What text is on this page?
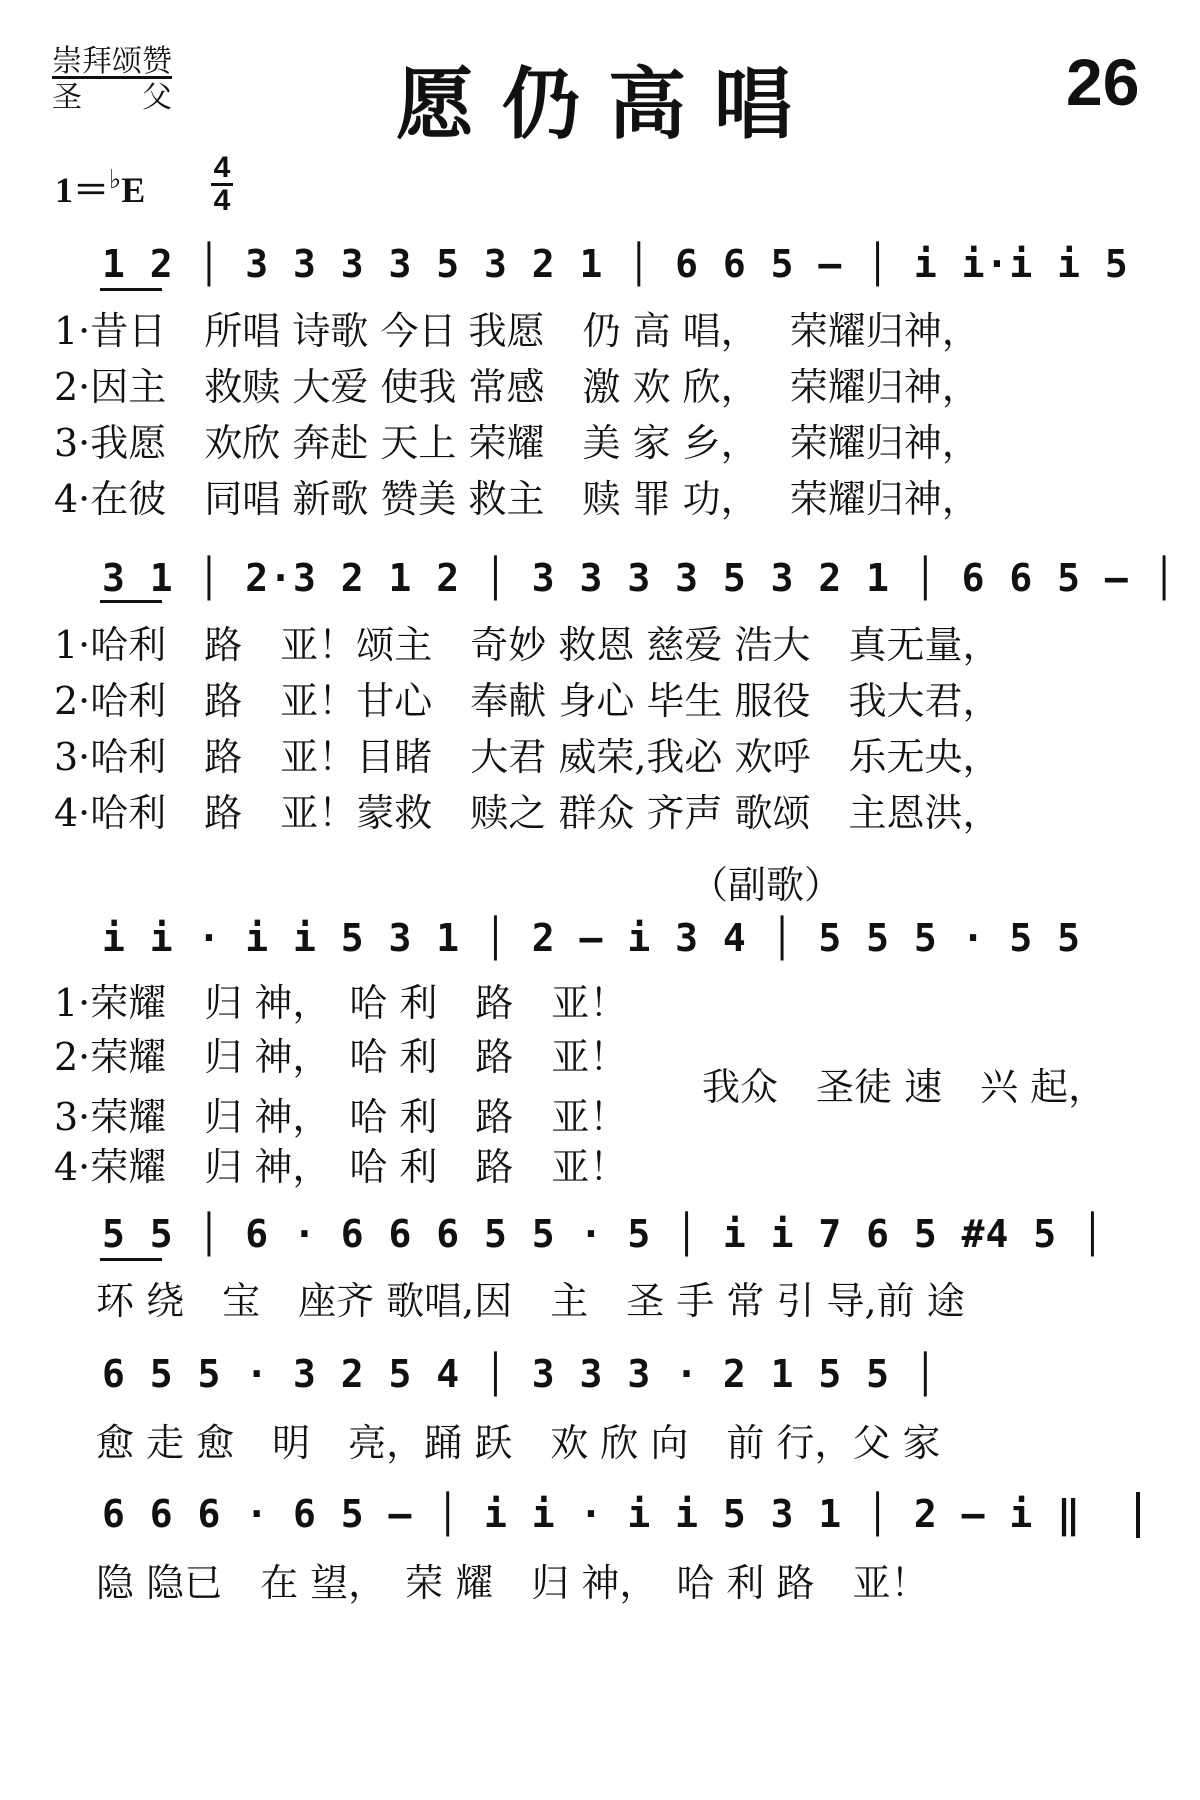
崇拜颂赞
圣　　父	愿仍高唱	26
1＝♭E
4
4
1 2 │ 3 3 3 3 5 3 2 1 │ 6 6 5 – │ i i·i i 5
1·昔日　所唱 诗歌 今日 我愿　仍 高 唱，　 荣耀归神，
2·因主　救赎 大爱 使我 常感　激 欢 欣，　 荣耀归神，
3·我愿　欢欣 奔赴 天上 荣耀　美 家 乡，　 荣耀归神，
4·在彼　同唱 新歌 赞美 救主　赎 罪 功，　 荣耀归神，
3 1 │ 2·3 2 1 2 │ 3 3 3 3 5 3 2 1 │ 6 6 5 – │
1·哈利　路　亚！颂主　奇妙 救恩 慈爱 浩大　真无量，
2·哈利　路　亚！甘心　奉献 身心 毕生 服役　我大君，
3·哈利　路　亚！目睹　大君 威荣,我必 欢呼　乐无央，
4·哈利　路　亚！蒙救　赎之 群众 齐声 歌颂　主恩洪，
（副歌）
i i · i i 5 3 1 │ 2 – i 3 4 │ 5 5 5 · 5 5
1·荣耀　归 神，　哈 利　路　亚！
2·荣耀　归 神，　哈 利　路　亚！
3·荣耀　归 神，　哈 利　路　亚！
4·荣耀　归 神，　哈 利　路　亚！
我众　圣徒 速　兴 起，
5 5 │ 6 · 6 6 6 5 5 · 5 │ i i 7 6 5 #4 5 │
环 绕　宝　座齐 歌唱,因　主　圣 手 常 引 导,前 途
6 5 5 · 3 2 5 4 │ 3 3 3 · 2 1 5 5 │
愈 走 愈　明　亮，踊 跃　欢 欣 向　前 行，父 家
6 6 6 · 6 5 – │ i i · i i 5 3 1 │ 2 – i ‖
隐 隐已　在 望，　荣 耀　归 神，　哈 利 路　亚！
